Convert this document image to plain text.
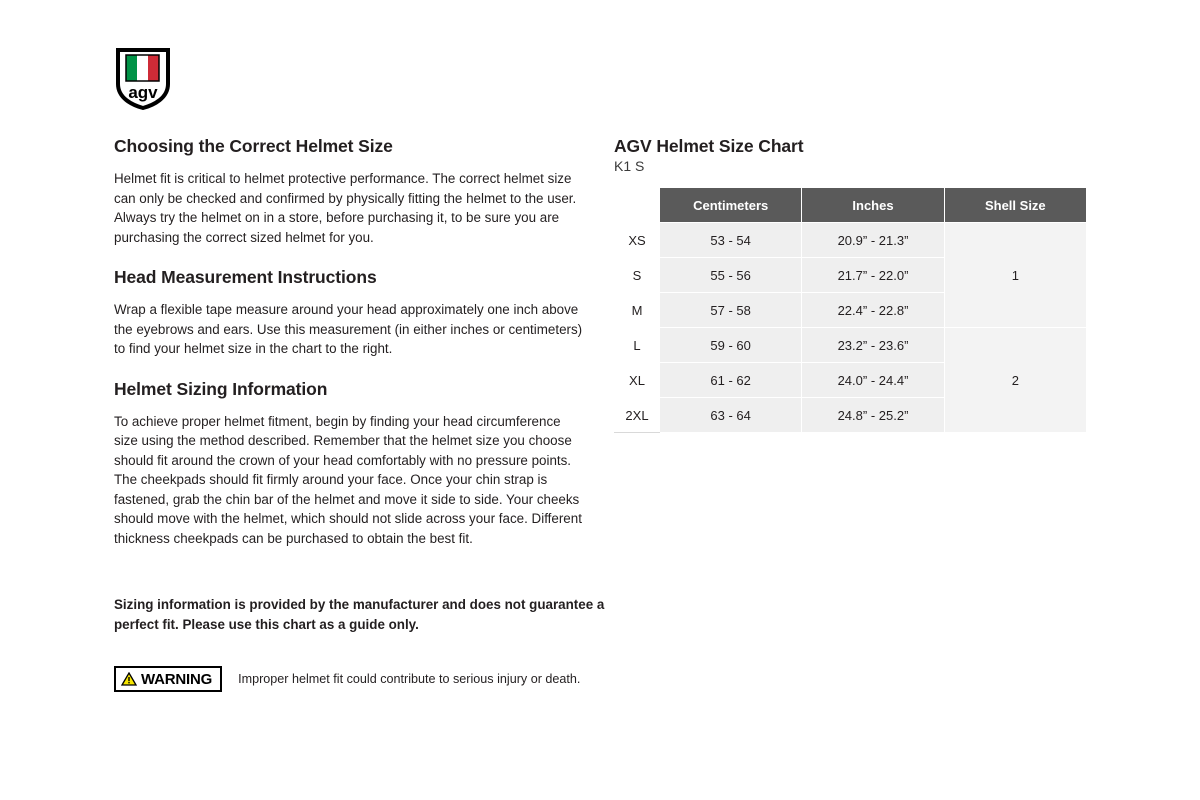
agv
Choosing the Correct Helmet Size

Helmet fit is critical to helmet protective performance. The correct helmet size can only be checked and confirmed by physically fitting the helmet to the user. Always try the helmet on in a store, before purchasing it, to be sure you are purchasing the correct sized helmet for you.

Head Measurement Instructions

Wrap a flexible tape measure around your head approximately one inch above the eyebrows and ears. Use this measurement (in either inches or centimeters) to find your helmet size in the chart to the right.

Helmet Sizing Information

To achieve proper helmet fitment, begin by finding your head circumference size using the method described. Remember that the helmet size you choose should fit around the crown of your head comfortably with no pressure points. The cheekpads should fit firmly around your face. Once your chin strap is fastened, grab the chin bar of the helmet and move it side to side. Your cheeks should move with the helmet, which should not slide across your face. Different thickness cheekpads can be purchased to obtain the best fit.

Sizing information is provided by the manufacturer and does not guarantee a perfect fit. Please use this chart as a guide only.
WARNING Improper helmet fit could contribute to serious injury or death.
AGV Helmet Size Chart
K1 S
	Centimeters	Inches	Shell Size
XS	53 - 54	20.9” - 21.3”	1
S	55 - 56	21.7” - 22.0”	
M	57 - 58	22.4” - 22.8”	
L	59 - 60	23.2” - 23.6”	2
XL	61 - 62	24.0” - 24.4”	
2XL	63 - 64	24.8” - 25.2”	
